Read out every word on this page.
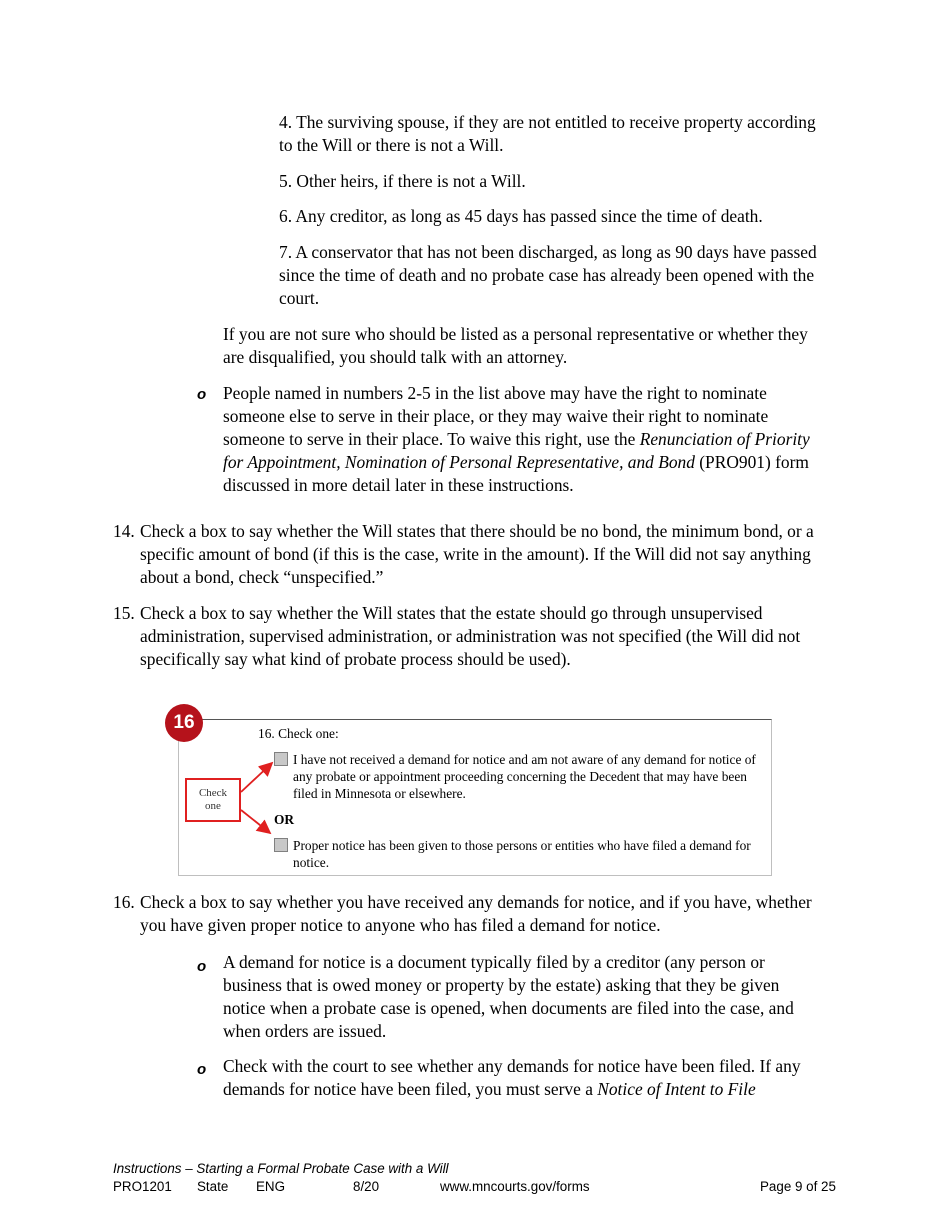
4. The surviving spouse, if they are not entitled to receive property according to the Will or there is not a Will.

5. Other heirs, if there is not a Will.

6. Any creditor, as long as 45 days has passed since the time of death.

7. A conservator that has not been discharged, as long as 90 days have passed since the time of death and no probate case has already been opened with the court.

If you are not sure who should be listed as a personal representative or whether they are disqualified, you should talk with an attorney.

o People named in numbers 2-5 in the list above may have the right to nominate someone else to serve in their place, or they may waive their right to nominate someone to serve in their place. To waive this right, use the Renunciation of Priority for Appointment, Nomination of Personal Representative, and Bond (PRO901) form discussed in more detail later in these instructions.

14. Check a box to say whether the Will states that there should be no bond, the minimum bond, or a specific amount of bond (if this is the case, write in the amount). If the Will did not say anything about a bond, check “unspecified.”

15. Check a box to say whether the Will states that the estate should go through unsupervised administration, supervised administration, or administration was not specified (the Will did not specifically say what kind of probate process should be used).

16
16. Check one:
I have not received a demand for notice and am not aware of any demand for notice of any probate or appointment proceeding concerning the Decedent that may have been filed in Minnesota or elsewhere.
OR
Proper notice has been given to those persons or entities who have filed a demand for notice.
Check
one
16. Check a box to say whether you have received any demands for notice, and if you have, whether you have given proper notice to anyone who has filed a demand for notice.

o A demand for notice is a document typically filed by a creditor (any person or business that is owed money or property by the estate) asking that they be given notice when a probate case is opened, when documents are filed into the case, and when orders are issued.

o Check with the court to see whether any demands for notice have been filed. If any demands for notice have been filed, you must serve a Notice of Intent to File

Instructions – Starting a Formal Probate Case with a Will
PRO1201 State ENG	8/20	www.mncourts.gov/forms	Page 9 of 25
